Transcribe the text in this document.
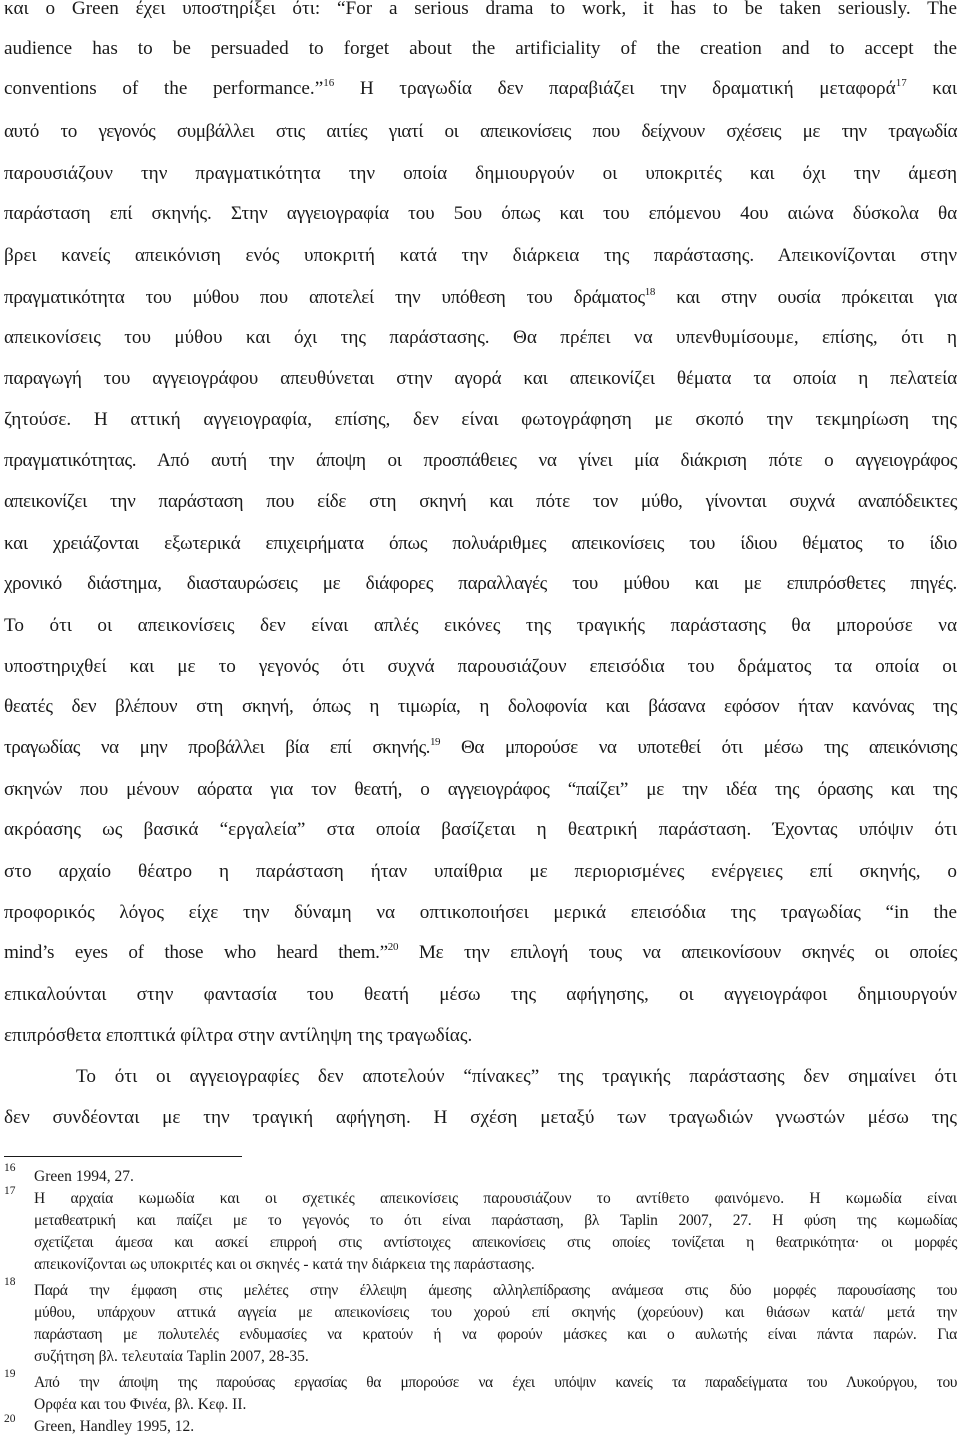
και ο Green έχει υποστηρίξει ότι: “For a serious drama to work, it has to be taken seriously. The
audience has to be persuaded to forget about the artificiality of the creation and to accept the
conventions of the performance.”$^{16}$ Η τραγωδία δεν παραβιάζει την δραματική μεταφορά$^{17}$ και
αυτό το γεγονός συμβάλλει στις αιτίες γιατί οι απεικονίσεις που δείχνουν σχέσεις με την τραγωδία
παρουσιάζουν την πραγματικότητα την οποία δημιουργούν οι υποκριτές και όχι την άμεση
παράσταση επί σκηνής. Στην αγγειογραφία του 5ου όπως και του επόμενου 4ου αιώνα δύσκολα θα
βρει κανείς απεικόνιση ενός υποκριτή κατά την διάρκεια της παράστασης. Απεικονίζονται στην
πραγματικότητα του μύθου που αποτελεί την υπόθεση του δράματος$^{18}$ και στην ουσία πρόκειται για
απεικονίσεις του μύθου και όχι της παράστασης. Θα πρέπει να υπενθυμίσουμε, επίσης, ότι η
παραγωγή του αγγειογράφου απευθύνεται στην αγορά και απεικονίζει θέματα τα οποία η πελατεία
ζητούσε. Η αττική αγγειογραφία, επίσης, δεν είναι φωτογράφηση με σκοπό την τεκμηρίωση της
πραγματικότητας. Από αυτή την άποψη οι προσπάθειες να γίνει μία διάκριση πότε ο αγγειογράφος
απεικονίζει την παράσταση που είδε στη σκηνή και πότε τον μύθο, γίνονται συχνά αναπόδεικτες
και χρειάζονται εξωτερικά επιχειρήματα όπως πολυάριθμες απεικονίσεις του ίδιου θέματος το ίδιο
χρονικό διάστημα, διασταυρώσεις με διάφορες παραλλαγές του μύθου και με επιπρόσθετες πηγές.
Το ότι οι απεικονίσεις δεν είναι απλές εικόνες της τραγικής παράστασης θα μπορούσε να
υποστηριχθεί και με το γεγονός ότι συχνά παρουσιάζουν επεισόδια του δράματος τα οποία οι
θεατές δεν βλέπουν στη σκηνή, όπως η τιμωρία, η δολοφονία και βάσανα εφόσον ήταν κανόνας της
τραγωδίας να μην προβάλλει βία επί σκηνής.$^{19}$ Θα μπορούσε να υποτεθεί ότι μέσω της απεικόνισης
σκηνών που μένουν αόρατα για τον θεατή, ο αγγειογράφος “παίζει” με την ιδέα της όρασης και της
ακρόασης ως βασικά “εργαλεία” στα οποία βασίζεται η θεατρική παράσταση. Έχοντας υπόψιν ότι
στο αρχαίο θέατρο η παράσταση ήταν υπαίθρια με περιορισμένες ενέργειες επί σκηνής, ο
προφορικός λόγος είχε την δύναμη να οπτικοποιήσει μερικά επεισόδια της τραγωδίας “in the
mind’s eyes of those who heard them.”$^{20}$ Με την επιλογή τους να απεικονίσουν σκηνές οι οποίες
επικαλούνται στην φαντασία του θεατή μέσω της αφήγησης, οι αγγειογράφοι δημιουργούν
επιπρόσθετα εποπτικά φίλτρα στην αντίληψη της τραγωδίας.
Το ότι οι αγγειογραφίες δεν αποτελούν “πίνακες” της τραγικής παράστασης δεν σημαίνει ότι
δεν συνδέονται με την τραγική αφήγηση. Η σχέση μεταξύ των τραγωδιών γνωστών μέσω της
16 Green 1994, 27.
17 Η αρχαία κωμωδία και οι σχετικές απεικονίσεις παρουσιάζουν το αντίθετο φαινόμενο. Η κωμωδία είναι
μεταθεατρική και παίζει με το γεγονός το ότι είναι παράσταση, βλ Taplin 2007, 27. Η φύση της κωμωδίας
σχετίζεται άμεσα και ασκεί επιρροή στις αντίστοιχες απεικονίσεις στις οποίες τονίζεται η θεατρικότητα· οι μορφές
απεικονίζονται ως υποκριτές και οι σκηνές - κατά την διάρκεια της παράστασης.
18 Παρά την έμφαση στις μελέτες στην έλλειψη άμεσης αλληλεπίδρασης ανάμεσα στις δύο μορφές παρουσίασης του
μύθου, υπάρχουν αττικά αγγεία με απεικονίσεις του χορού επί σκηνής (χορεύουν) και θιάσων κατά/ μετά την
παράσταση με πολυτελές ενδυμασίες να κρατούν ή να φορούν μάσκες και ο αυλωτής είναι πάντα παρών. Για
συζήτηση βλ. τελευταία Taplin 2007, 28-35.
19 Από την άποψη της παρούσας εργασίας θα μπορούσε να έχει υπόψιν κανείς τα παραδείγματα του Λυκούργου, του
Ορφέα και του Φινέα, βλ. Κεφ. ΙΙ.
20 Green, Handley 1995, 12.
